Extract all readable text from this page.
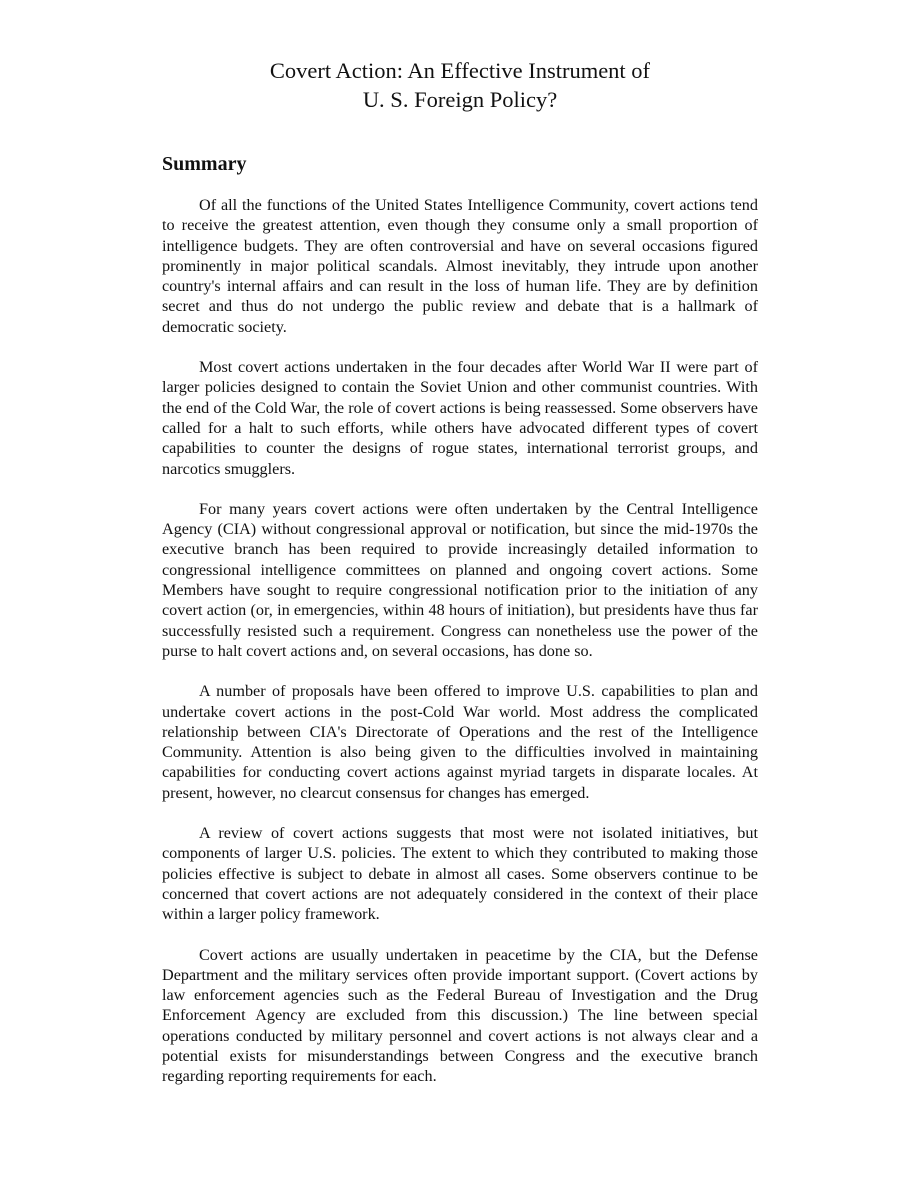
Covert Action: An Effective Instrument of
U. S. Foreign Policy?
Summary

Of all the functions of the United States Intelligence Community, covert actions tend to receive the greatest attention, even though they consume only a small proportion of intelligence budgets. They are often controversial and have on several occasions figured prominently in major political scandals. Almost inevitably, they intrude upon another country's internal affairs and can result in the loss of human life. They are by definition secret and thus do not undergo the public review and debate that is a hallmark of democratic society.

Most covert actions undertaken in the four decades after World War II were part of larger policies designed to contain the Soviet Union and other communist countries. With the end of the Cold War, the role of covert actions is being reassessed. Some observers have called for a halt to such efforts, while others have advocated different types of covert capabilities to counter the designs of rogue states, international terrorist groups, and narcotics smugglers.

For many years covert actions were often undertaken by the Central Intelligence Agency (CIA) without congressional approval or notification, but since the mid-1970s the executive branch has been required to provide increasingly detailed information to congressional intelligence committees on planned and ongoing covert actions. Some Members have sought to require congressional notification prior to the initiation of any covert action (or, in emergencies, within 48 hours of initiation), but presidents have thus far successfully resisted such a requirement. Congress can nonetheless use the power of the purse to halt covert actions and, on several occasions, has done so.

A number of proposals have been offered to improve U.S. capabilities to plan and undertake covert actions in the post-Cold War world. Most address the complicated relationship between CIA's Directorate of Operations and the rest of the Intelligence Community. Attention is also being given to the difficulties involved in maintaining capabilities for conducting covert actions against myriad targets in disparate locales. At present, however, no clearcut consensus for changes has emerged.

A review of covert actions suggests that most were not isolated initiatives, but components of larger U.S. policies. The extent to which they contributed to making those policies effective is subject to debate in almost all cases. Some observers continue to be concerned that covert actions are not adequately considered in the context of their place within a larger policy framework.

Covert actions are usually undertaken in peacetime by the CIA, but the Defense Department and the military services often provide important support. (Covert actions by law enforcement agencies such as the Federal Bureau of Investigation and the Drug Enforcement Agency are excluded from this discussion.) The line between special operations conducted by military personnel and covert actions is not always clear and a potential exists for misunderstandings between Congress and the executive branch regarding reporting requirements for each.
